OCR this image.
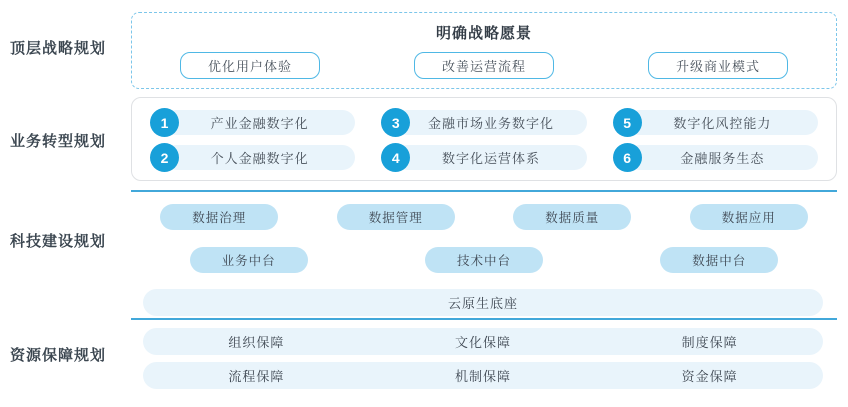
顶层战略规划
业务转型规划
科技建设规划
资源保障规划
明确战略愿景
优化用户体验	改善运营流程	升级商业模式
1	产业金融数字化
2	个人金融数字化
3	金融市场业务数字化
4	数字化运营体系
5	数字化风控能力
6	金融服务生态
数据治理	数据管理	数据质量	数据应用
业务中台	技术中台	数据中台
云原生底座
组织保障	文化保障	制度保障
流程保障	机制保障	资金保障
